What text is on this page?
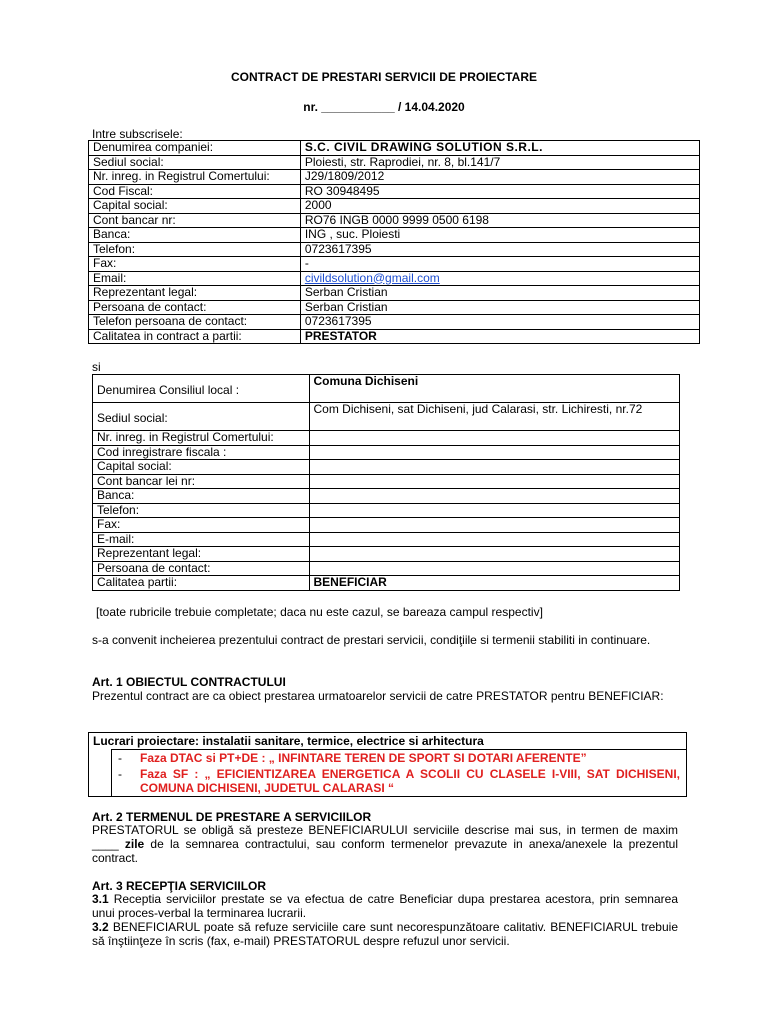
CONTRACT DE PRESTARI SERVICII DE PROIECTARE
nr. ___________ / 14.04.2020
Intre subscrisele:
Denumirea companiei:	S.C. CIVIL DRAWING SOLUTION S.R.L.
Sediul social:	Ploiesti, str. Raprodiei, nr. 8, bl.141/7
Nr. inreg. in Registrul Comertului:	J29/1809/2012
Cod Fiscal:	RO 30948495
Capital social:	2000
Cont bancar nr:	RO76 INGB 0000 9999 0500 6198
Banca:	ING , suc. Ploiesti
Telefon:	0723617395
Fax:	-
Email:	civildsolution@gmail.com
Reprezentant legal:	Serban Cristian
Persoana de contact:	Serban Cristian
Telefon persoana de contact:	0723617395
Calitatea in contract a partii:	PRESTATOR
si
Denumirea Consiliul local :	Comuna Dichiseni
Sediul social:	Com Dichiseni, sat Dichiseni, jud Calarasi, str. Lichiresti, nr.72
Nr. inreg. in Registrul Comertului:	
Cod inregistrare fiscala :	
Capital social:	
Cont bancar lei nr:	
Banca:	
Telefon:	
Fax:	
E-mail:	
Reprezentant legal:	
Persoana de contact:	
Calitatea partii:	BENEFICIAR
[toate rubricile trebuie completate; daca nu este cazul, se bareaza campul respectiv]
s-a convenit incheierea prezentului contract de prestari servicii, condiţiile si termenii stabiliti in continuare.
Art. 1 OBIECTUL CONTRACTULUI
Prezentul contract are ca obiect prestarea urmatoarelor servicii de catre PRESTATOR pentru BENEFICIAR:
Lucrari proiectare: instalatii sanitare, termice, electrice si arhitectura
- Faza DTAC si PT+DE : „ INFINTARE TEREN DE SPORT SI DOTARI AFERENTE”
- Faza SF : „ EFICIENTIZAREA ENERGETICA A SCOLII CU CLASELE I-VIII, SAT DICHISENI, COMUNA DICHISENI, JUDETUL CALARASI “
Art. 2 TERMENUL DE PRESTARE A SERVICIILOR
PRESTATORUL se obligă să presteze BENEFICIARULUI serviciile descrise mai sus, in termen de maxim ____ zile de la semnarea contractului, sau conform termenelor prevazute in anexa/anexele la prezentul contract.
Art. 3 RECEPŢIA SERVICIILOR
3.1 Receptia serviciilor prestate se va efectua de catre Beneficiar dupa prestarea acestora, prin semnarea unui proces-verbal la terminarea lucrarii.
3.2 BENEFICIARUL poate să refuze serviciile care sunt necorespunzătoare calitativ. BENEFICIARUL trebuie să înştiinţeze în scris (fax, e-mail) PRESTATORUL despre refuzul unor servicii.
